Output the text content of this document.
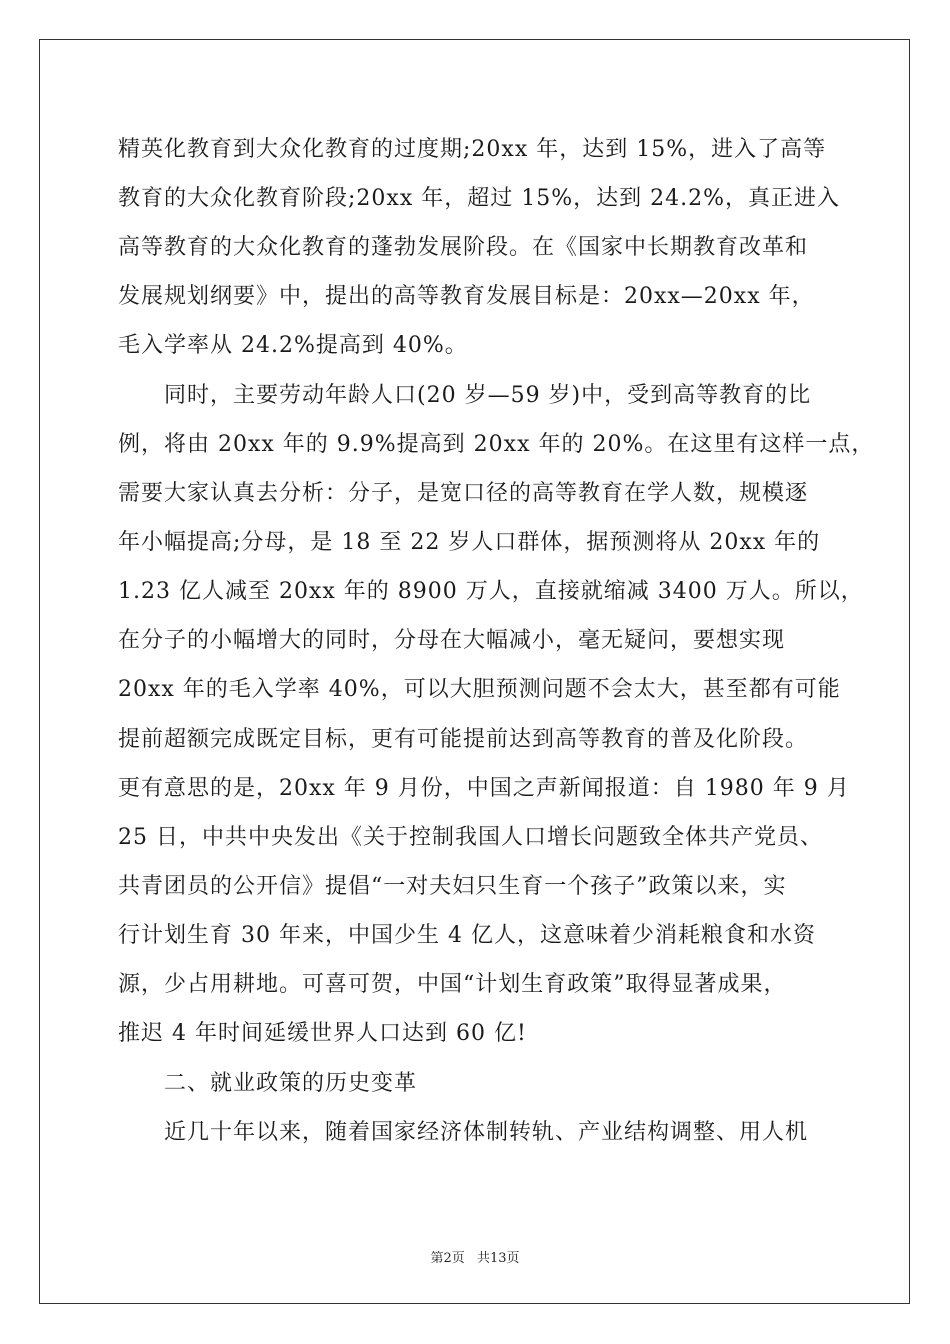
精英化教育到大众化教育的过度期;20xx 年，达到 15%，进入了高等
教育的大众化教育阶段;20xx 年，超过 15%，达到 24.2%，真正进入
高等教育的大众化教育的蓬勃发展阶段。在《国家中长期教育改革和
发展规划纲要》中，提出的高等教育发展目标是：20xx—20xx 年，
毛入学率从 24.2%提高到 40%。
同时，主要劳动年龄人口(20 岁—59 岁)中，受到高等教育的比
例，将由 20xx 年的 9.9%提高到 20xx 年的 20%。在这里有这样一点，
需要大家认真去分析：分子，是宽口径的高等教育在学人数，规模逐
年小幅提高;分母，是 18 至 22 岁人口群体，据预测将从 20xx 年的
1.23 亿人减至 20xx 年的 8900 万人，直接就缩减 3400 万人。所以，
在分子的小幅增大的同时，分母在大幅减小，毫无疑问，要想实现
20xx 年的毛入学率 40%，可以大胆预测问题不会太大，甚至都有可能
提前超额完成既定目标，更有可能提前达到高等教育的普及化阶段。
更有意思的是，20xx 年 9 月份，中国之声新闻报道：自 1980 年 9 月
25 日，中共中央发出《关于控制我国人口增长问题致全体共产党员、
共青团员的公开信》提倡“一对夫妇只生育一个孩子”政策以来，实
行计划生育 30 年来，中国少生 4 亿人，这意味着少消耗粮食和水资
源，少占用耕地。可喜可贺，中国“计划生育政策”取得显著成果，
推迟 4 年时间延缓世界人口达到 60 亿!
二、就业政策的历史变革
近几十年以来，随着国家经济体制转轨、产业结构调整、用人机
第2页 共13页
